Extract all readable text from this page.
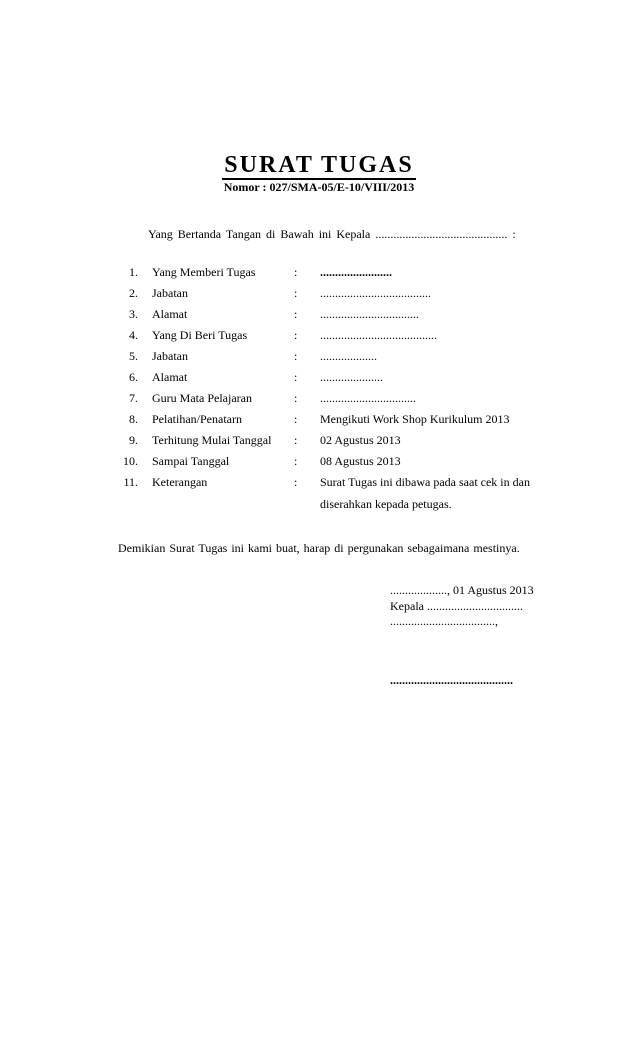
SURAT TUGAS
Nomor : 027/SMA-05/E-10/VIII/2013
Yang Bertanda Tangan di Bawah ini Kepala ............................................ :
1. Yang Memberi Tugas	: ........................
2. Jabatan	: .....................................
3. Alamat	: .................................
4. Yang Di Beri Tugas	: .......................................
5. Jabatan	: ...................
6. Alamat	: .....................
7. Guru Mata Pelajaran	: ................................
8. Pelatihan/Penatarn	: Mengikuti Work Shop Kurikulum 2013
9. Terhitung Mulai Tanggal : 02 Agustus 2013
10. Sampai Tanggal	: 08 Agustus 2013
11. Keterangan	: Surat Tugas ini dibawa pada saat cek in dan diserahkan kepada petugas.
Demikian Surat Tugas ini kami buat, harap di pergunakan sebagaimana mestinya.
..................., 01 Agustus 2013
Kepala ................................
...................................,
.........................................
